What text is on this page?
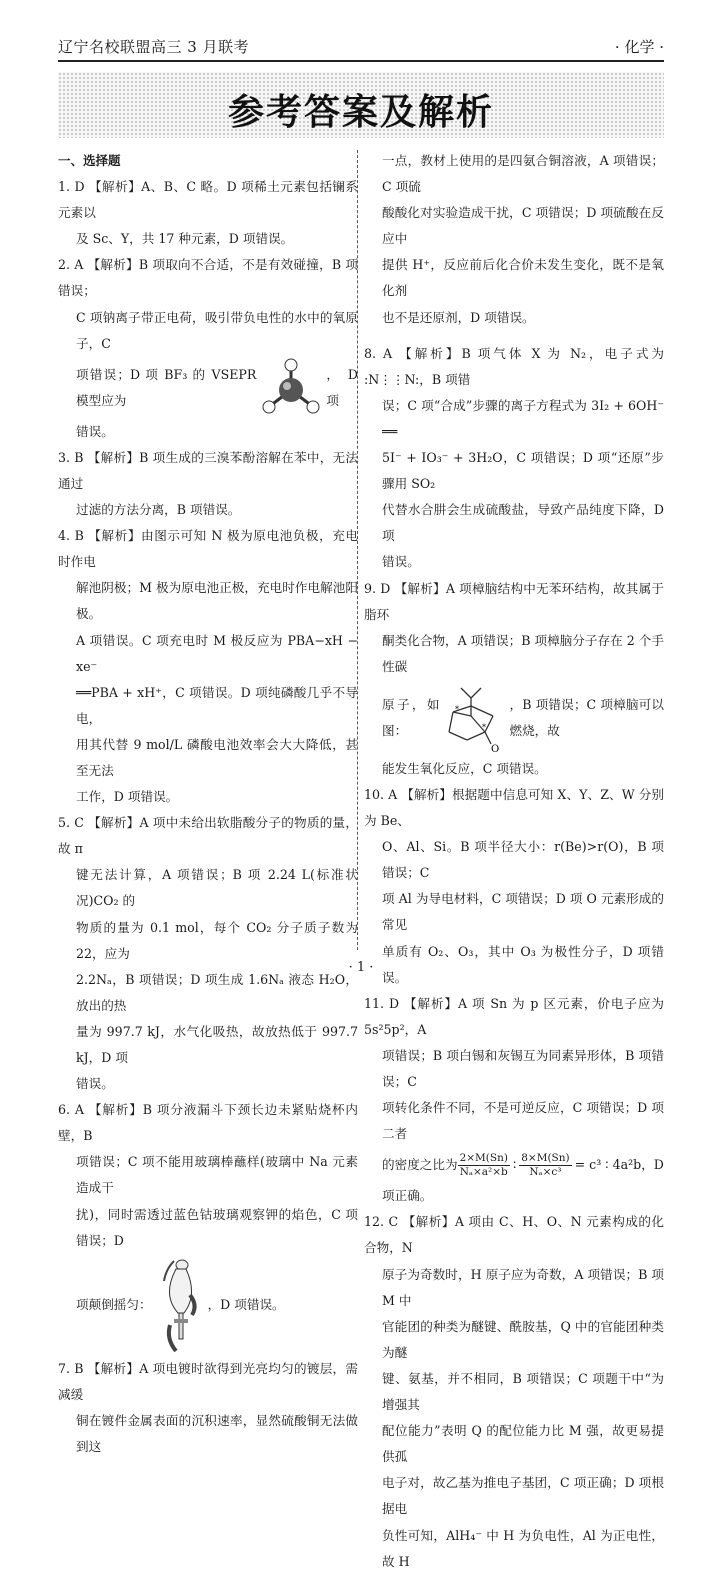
辽宁名校联盟高三 3 月联考	· 化学 ·
参考答案及解析
一、选择题
1. D 【解析】A、B、C 略。D 项稀土元素包括镧系元素以
及 Sc、Y，共 17 种元素，D 项错误。
2. A 【解析】B 项取向不合适，不是有效碰撞，B 项错误；
C 项钠离子带正电荷，吸引带负电性的水中的氧原子，C
项错误；D 项 BF₃ 的 VSEPR 模型应为
，D 项
错误。
3. B 【解析】B 项生成的三溴苯酚溶解在苯中，无法通过
过滤的方法分离，B 项错误。
4. B 【解析】由图示可知 N 极为原电池负极，充电时作电
解池阴极；M 极为原电池正极，充电时作电解池阳极。
A 项错误。C 项充电时 M 极反应为 PBA−xH − xe⁻
══PBA + xH⁺，C 项错误。D 项纯磷酸几乎不导电，
用其代替 9 mol/L 磷酸电池效率会大大降低，甚至无法
工作，D 项错误。
5. C 【解析】A 项中未给出软脂酸分子的物质的量，故 π
键无法计算，A 项错误；B 项 2.24 L(标准状况)CO₂ 的
物质的量为 0.1 mol，每个 CO₂ 分子质子数为 22，应为
2.2Nₐ，B 项错误；D 项生成 1.6Nₐ 液态 H₂O，放出的热
量为 997.7 kJ，水气化吸热，故放热低于 997.7 kJ，D 项
错误。
6. A 【解析】B 项分液漏斗下颈长边未紧贴烧杯内壁，B
项错误；C 项不能用玻璃棒蘸样(玻璃中 Na 元素造成干
扰)，同时需透过蓝色钴玻璃观察钾的焰色，C 项错误；D
项颠倒摇匀：	，D 项错误。
7. B 【解析】A 项电镀时欲得到光亮均匀的镀层，需减缓
铜在镀件金属表面的沉积速率，显然硫酸铜无法做到这
一点，教材上使用的是四氨合铜溶液，A 项错误；C 项硫
酸酸化对实验造成干扰，C 项错误；D 项硫酸在反应中
提供 H⁺，反应前后化合价未发生变化，既不是氧化剂
也不是还原剂，D 项错误。
8. A 【解析】B 项气体 X 为 N₂，电子式为 :N⋮⋮N:，B 项错
误；C 项“合成”步骤的离子方程式为 3I₂ + 6OH⁻ ══
5I⁻ + IO₃⁻ + 3H₂O，C 项错误；D 项“还原”步骤用 SO₂
代替水合肼会生成硫酸盐，导致产品纯度下降，D 项
错误。
9. D 【解析】A 项樟脑结构中无苯环结构，故其属于脂环
酮类化合物，A 项错误；B 项樟脑分子存在 2 个手性碳
原子，如图：
O
*
*
，B 项错误；C 项樟脑可以燃烧，故
能发生氧化反应，C 项错误。
10. A 【解析】根据题中信息可知 X、Y、Z、W 分别为 Be、
O、Al、Si。B 项半径大小：r(Be)>r(O)，B 项错误；C
项 Al 为导电材料，C 项错误；D 项 O 元素形成的常见
单质有 O₂、O₃，其中 O₃ 为极性分子，D 项错误。
11. D 【解析】A 项 Sn 为 p 区元素，价电子应为 5s²5p²，A
项错误；B 项白锡和灰锡互为同素异形体，B 项错误；C
项转化条件不同，不是可逆反应，C 项错误；D 项二者
的密度之比为 $\frac{2\times M(Sn)}{\text{Nₐ×a²×b}}$ ∶ $\frac{8\times M(Sn)}{\text{Nₐ×c³}} = c^3$ ∶ 4a²b，D
项正确。
12. C 【解析】A 项由 C、H、O、N 元素构成的化合物，N
原子为奇数时，H 原子应为奇数，A 项错误；B 项 M 中
官能团的种类为醚键、酰胺基，Q 中的官能团种类为醚
键、氨基，并不相同，B 项错误；C 项题干中“为增强其
配位能力”表明 Q 的配位能力比 M 强，故更易提供孤
电子对，故乙基为推电子基团，C 项正确；D 项根据电
负性可知，AlH₄⁻ 中 H 为负电性，Al 为正电性，故 H
· 1 ·
